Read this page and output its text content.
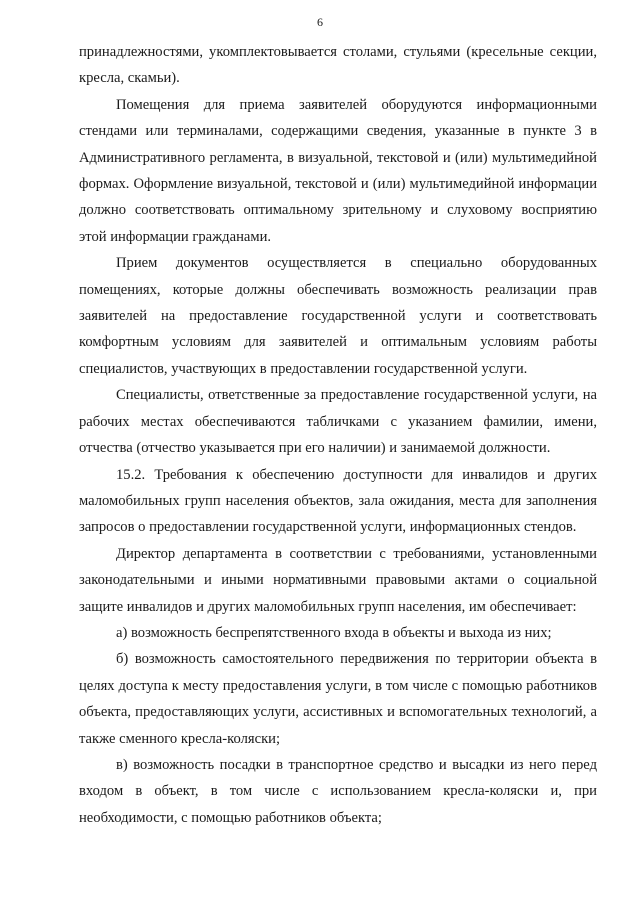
6

принадлежностями, укомплектовывается столами, стульями (кресельные секции, кресла, скамьи).

Помещения для приема заявителей оборудуются информационными стендами или терминалами, содержащими сведения, указанные в пункте 3 в Административного регламента, в визуальной, текстовой и (или) мультимедийной формах. Оформление визуальной, текстовой и (или) мультимедийной информации должно соответствовать оптимальному зрительному и слуховому восприятию этой информации гражданами.

Прием документов осуществляется в специально оборудованных помещениях, которые должны обеспечивать возможность реализации прав заявителей на предоставление государственной услуги и соответствовать комфортным условиям для заявителей и оптимальным условиям работы специалистов, участвующих в предоставлении государственной услуги.

Специалисты, ответственные за предоставление государственной услуги, на рабочих местах обеспечиваются табличками с указанием фамилии, имени, отчества (отчество указывается при его наличии) и занимаемой должности.

15.2. Требования к обеспечению доступности для инвалидов и других маломобильных групп населения объектов, зала ожидания, места для заполнения запросов о предоставлении государственной услуги, информационных стендов.

Директор департамента в соответствии с требованиями, установленными законодательными и иными нормативными правовыми актами о социальной защите инвалидов и других маломобильных групп населения, им обеспечивает:

а) возможность беспрепятственного входа в объекты и выхода из них;

б) возможность самостоятельного передвижения по территории объекта в целях доступа к месту предоставления услуги, в том числе с помощью работников объекта, предоставляющих услуги, ассистивных и вспомогательных технологий, а также сменного кресла-коляски;

в) возможность посадки в транспортное средство и высадки из него перед входом в объект, в том числе с использованием кресла-коляски и, при необходимости, с помощью работников объекта;
